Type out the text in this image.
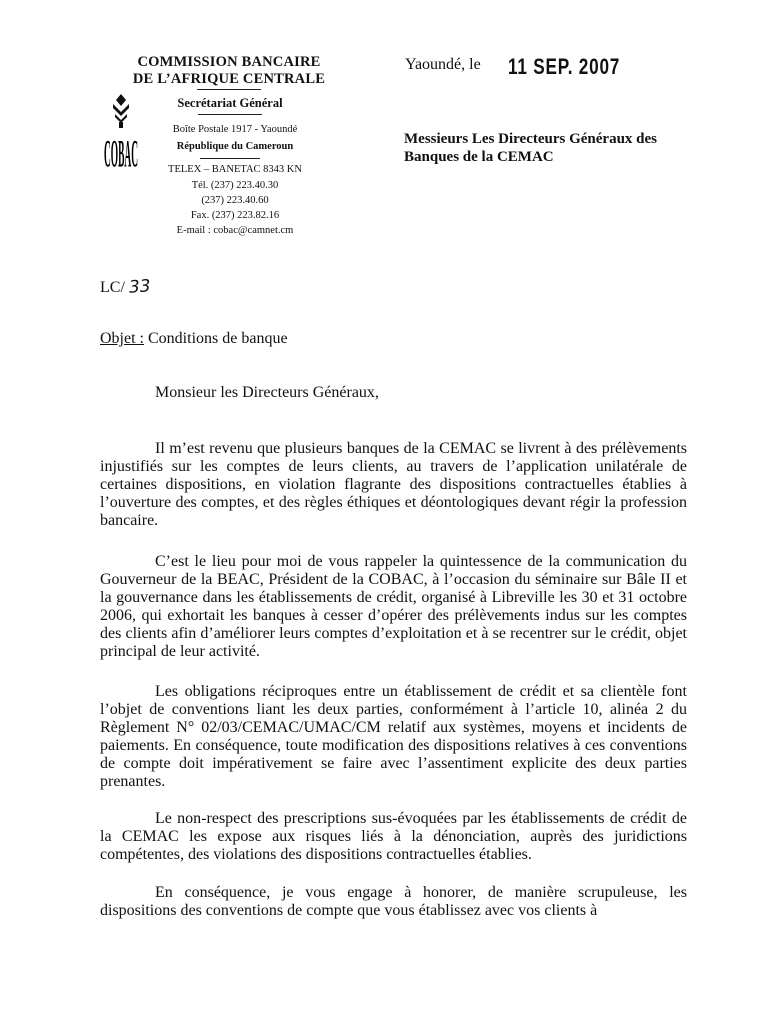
COMMISSION BANCAIRE
DE L’AFRIQUE CENTRALE
COBAC
Secrétariat Général
Boîte Postale 1917 - Yaoundé
République du Cameroun
TELEX – BANETAC 8343 KN
Tél. (237) 223.40.30
(237) 223.40.60
Fax. (237) 223.82.16
E-mail : cobac@camnet.cm
Yaoundé, le 11 SEP. 2007
Messieurs Les Directeurs Généraux des Banques de la CEMAC
LC/ 33
Objet : Conditions de banque
Monsieur les Directeurs Généraux,
Il m’est revenu que plusieurs banques de la CEMAC se livrent à des prélèvements injustifiés sur les comptes de leurs clients, au travers de l’application unilatérale de certaines dispositions, en violation flagrante des dispositions contractuelles établies à l’ouverture des comptes, et des règles éthiques et déontologiques devant régir la profession bancaire.
C’est le lieu pour moi de vous rappeler la quintessence de la communication du Gouverneur de la BEAC, Président de la COBAC, à l’occasion du séminaire sur Bâle II et la gouvernance dans les établissements de crédit, organisé à Libreville les 30 et 31 octobre 2006, qui exhortait les banques à cesser d’opérer des prélèvements indus sur les comptes des clients afin d’améliorer leurs comptes d’exploitation et à se recentrer sur le crédit, objet principal de leur activité.
Les obligations réciproques entre un établissement de crédit et sa clientèle font l’objet de conventions liant les deux parties, conformément à l’article 10, alinéa 2 du Règlement N° 02/03/CEMAC/UMAC/CM relatif aux systèmes, moyens et incidents de paiements. En conséquence, toute modification des dispositions relatives à ces conventions de compte doit impérativement se faire avec l’assentiment explicite des deux parties prenantes.
Le non-respect des prescriptions sus-évoquées par les établissements de crédit de la CEMAC les expose aux risques liés à la dénonciation, auprès des juridictions compétentes, des violations des dispositions contractuelles établies.
En conséquence, je vous engage à honorer, de manière scrupuleuse, les dispositions des conventions de compte que vous établissez avec vos clients à
